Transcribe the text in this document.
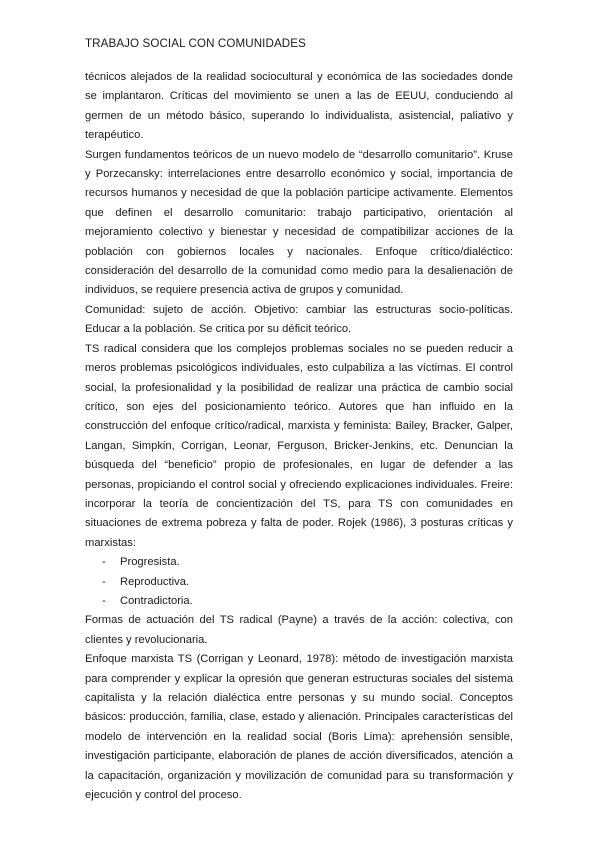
TRABAJO SOCIAL CON COMUNIDADES

técnicos alejados de la realidad sociocultural y económica de las sociedades donde se implantaron. Críticas del movimiento se unen a las de EEUU, conduciendo al germen de un método básico, superando lo individualista, asistencial, paliativo y terapéutico.

Surgen fundamentos teóricos de un nuevo modelo de “desarrollo comunitario”. Kruse y Porzecansky: interrelaciones entre desarrollo económico y social, importancia de recursos humanos y necesidad de que la población participe activamente. Elementos que definen el desarrollo comunitario: trabajo participativo, orientación al mejoramiento colectivo y bienestar y necesidad de compatibilizar acciones de la población con gobiernos locales y nacionales. Enfoque crítico/dialéctico: consideración del desarrollo de la comunidad como medio para la desalienación de individuos, se requiere presencia activa de grupos y comunidad.

Comunidad: sujeto de acción. Objetivo: cambiar las estructuras socio-políticas. Educar a la población. Se critica por su déficit teórico.

TS radical considera que los complejos problemas sociales no se pueden reducir a meros problemas psicológicos individuales, esto culpabiliza a las víctimas. El control social, la profesionalidad y la posibilidad de realizar una práctica de cambio social crítico, son ejes del posicionamiento teórico. Autores que han influido en la construcción del enfoque crítico/radical, marxista y feminista: Bailey, Bracker, Galper, Langan, Simpkin, Corrigan, Leonar, Ferguson, Bricker-Jenkins, etc. Denuncian la búsqueda del “beneficio” propio de profesionales, en lugar de defender a las personas, propiciando el control social y ofreciendo explicaciones individuales. Freire: incorporar la teoría de concientización del TS, para TS con comunidades en situaciones de extrema pobreza y falta de poder. Rojek (1986), 3 posturas críticas y marxistas:

- Progresista.
- Reproductiva.
- Contradictoria.

Formas de actuación del TS radical (Payne) a través de la acción: colectiva, con clientes y revolucionaria.

Enfoque marxista TS (Corrigan y Leonard, 1978): método de investigación marxista para comprender y explicar la opresión que generan estructuras sociales del sistema capitalista y la relación dialéctica entre personas y su mundo social. Conceptos básicos: producción, familia, clase, estado y alienación. Principales características del modelo de intervención en la realidad social (Boris Lima): aprehensión sensible, investigación participante, elaboración de planes de acción diversificados, atención a la capacitación, organización y movilización de comunidad para su transformación y ejecución y control del proceso.
